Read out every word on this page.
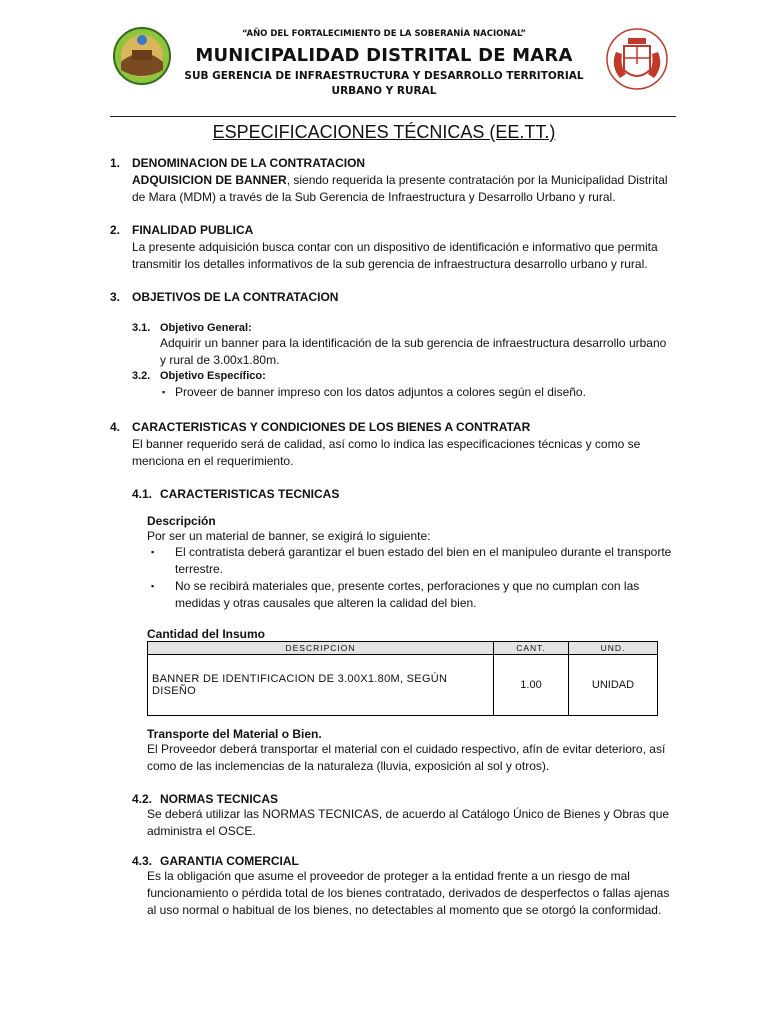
“AÑO DEL FORTALECIMIENTO DE LA SOBERANÍA NACIONAL”
MUNICIPALIDAD DISTRITAL DE MARA
SUB GERENCIA DE INFRAESTRUCTURA Y DESARROLLO TERRITORIAL
URBANO Y RURAL
ESPECIFICACIONES TÉCNICAS (EE.TT.)
1. DENOMINACION DE LA CONTRATACION
ADQUISICION DE BANNER, siendo requerida la presente contratación por la Municipalidad Distrital
de Mara (MDM) a través de la Sub Gerencia de Infraestructura y Desarrollo Urbano y rural.
2. FINALIDAD PUBLICA
La presente adquisición busca contar con un dispositivo de identificación e informativo que permita
transmitir los detalles informativos de la sub gerencia de infraestructura desarrollo urbano y rural.
3. OBJETIVOS DE LA CONTRATACION
3.1. Objetivo General:
Adquirir un banner para la identificación de la sub gerencia de infraestructura desarrollo urbano
y rural de 3.00x1.80m.
3.2. Objetivo Específico:
▪ Proveer de banner impreso con los datos adjuntos a colores según el diseño.
4. CARACTERISTICAS Y CONDICIONES DE LOS BIENES A CONTRATAR
El banner requerido será de calidad, así como lo indica las especificaciones técnicas y como se
menciona en el requerimiento.
4.1. CARACTERISTICAS TECNICAS
Descripción
Por ser un material de banner, se exigirá lo siguiente:
▪ El contratista deberá garantizar el buen estado del bien en el manipuleo durante el transporte
terrestre.
▪ No se recibirá materiales que, presente cortes, perforaciones y que no cumplan con las
medidas y otras causales que alteren la calidad del bien.
Cantidad del Insumo
DESCRIPCION	CANT.	UND.
BANNER DE IDENTIFICACION DE 3.00X1.80M, SEGÚN DISEÑO	1.00	UNIDAD
Transporte del Material o Bien.
El Proveedor deberá transportar el material con el cuidado respectivo, afín de evitar deterioro, así
como de las inclemencias de la naturaleza (lluvia, exposición al sol y otros).
4.2. NORMAS TECNICAS
Se deberá utilizar las NORMAS TECNICAS, de acuerdo al Catálogo Único de Bienes y Obras que
administra el OSCE.
4.3. GARANTIA COMERCIAL
Es la obligación que asume el proveedor de proteger a la entidad frente a un riesgo de mal
funcionamiento o pérdida total de los bienes contratado, derivados de desperfectos o fallas ajenas
al uso normal o habitual de los bienes, no detectables al momento que se otorgó la conformidad.
